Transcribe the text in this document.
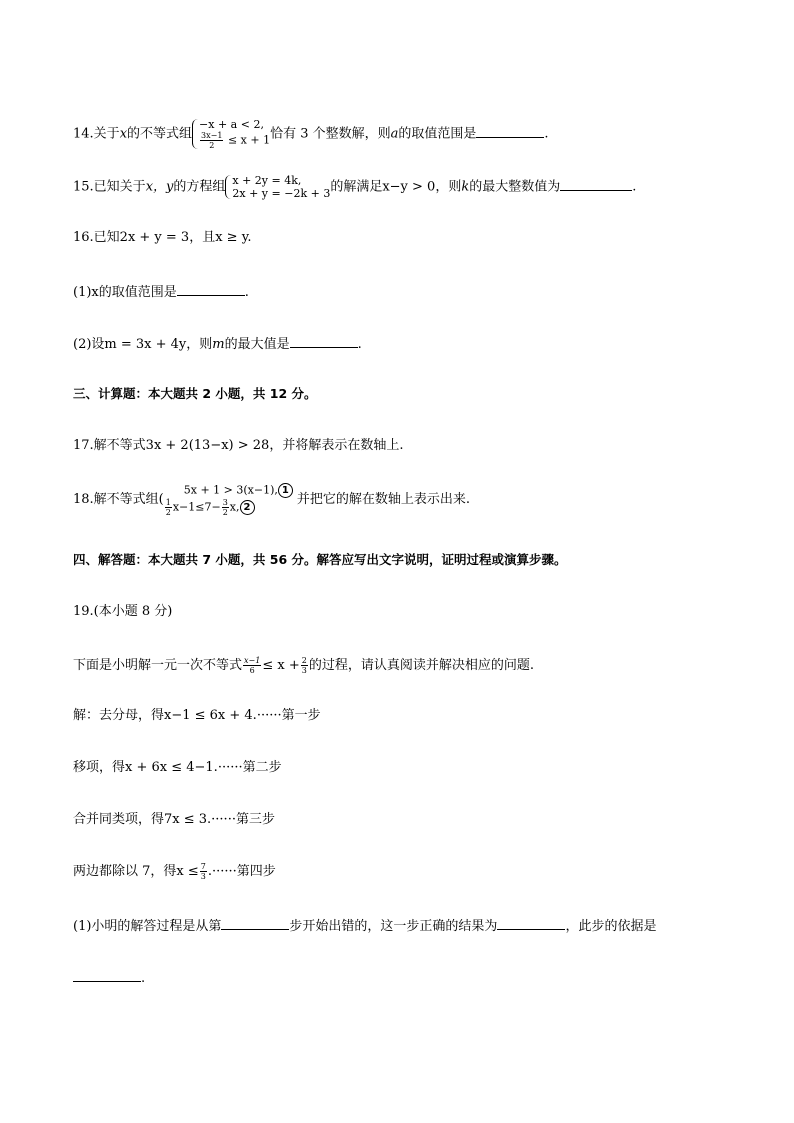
14.关于x的不等式组
−x + a < 2,
$\frac{3x-1}{2} \le x + 1$ 恰有 3 个整数解，则a的取值范围是	.
15.已知关于x，y的方程组 x + 2y = 4k,
2x + y = −2k + 3 的解满足x−y > 0，则k的最大整数值为	.
16.已知2x + y = 3，且x ≥ y.
(1)x的取值范围是	.
(2)设m = 3x + 4y，则m的最大值是	.
三、计算题：本大题共 2 小题，共 12 分。
17.解不等式3x + 2(13−x) > 28，并将解表示在数轴上.
18.解不等式组(
5x + 1 > 3(x−1), 1
$\frac{1}{2} x-1\le 7- \frac{3}{2} x$, 2
并把它的解在数轴上表示出来.
四、解答题：本大题共 7 小题，共 56 分。解答应写出文字说明，证明过程或演算步骤。
19.(本小题 8 分)
下面是小明解一元一次不等式 $\frac{x-1}{6} \le x + \frac{2}{3}$ 的过程，请认真阅读并解决相应的问题.
解：去分母，得x−1 ≤ 6x + 4.······第一步
移项，得x + 6x ≤ 4−1.······第二步
合并同类项，得7x ≤ 3.······第三步
两边都除以 7，得$x \le \frac{7}{3}$ .······第四步
(1)小明的解答过程是从第	步开始出错的，这一步正确的结果为	，此步的依据是
.
